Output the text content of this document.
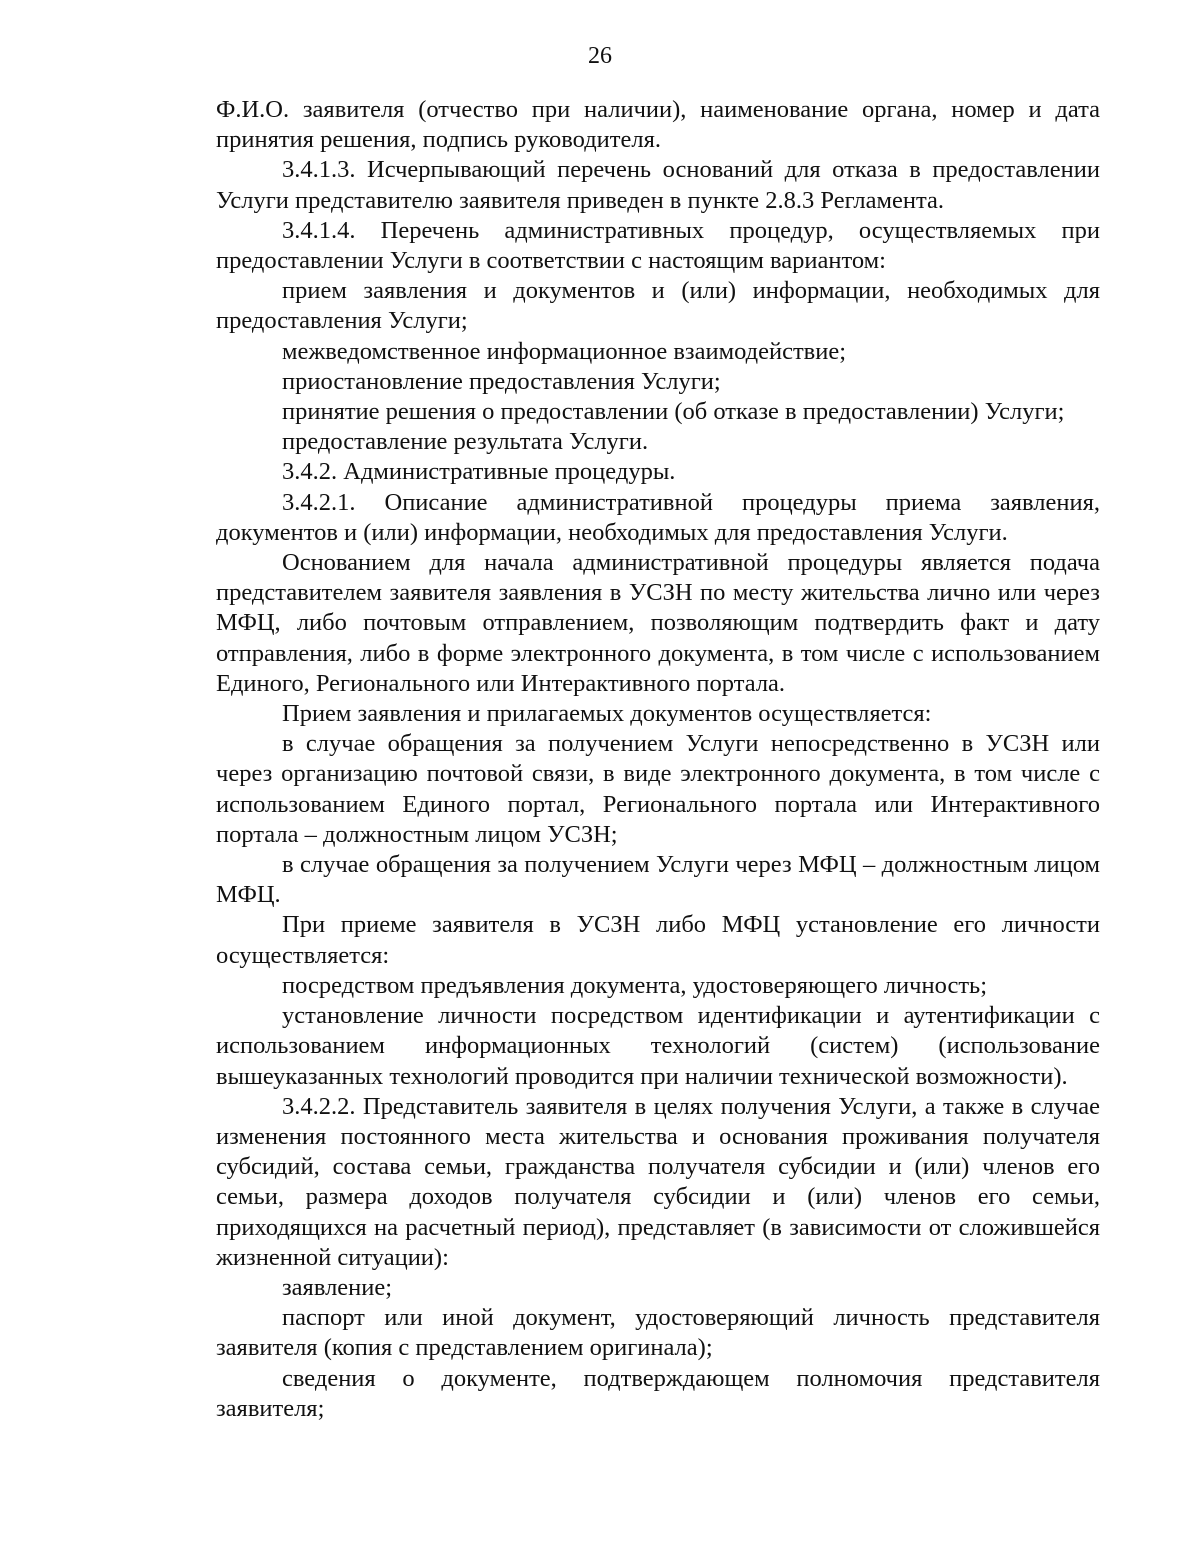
26

Ф.И.О. заявителя (отчество при наличии), наименование органа, номер и дата принятия решения, подпись руководителя.

3.4.1.3. Исчерпывающий перечень оснований для отказа в предоставлении Услуги представителю заявителя приведен в пункте 2.8.3 Регламента.

3.4.1.4. Перечень административных процедур, осуществляемых при предоставлении Услуги в соответствии с настоящим вариантом:

прием заявления и документов и (или) информации, необходимых для предоставления Услуги;

межведомственное информационное взаимодействие;

приостановление предоставления Услуги;

принятие решения о предоставлении (об отказе в предоставлении) Услуги;

предоставление результата Услуги.

3.4.2. Административные процедуры.

3.4.2.1. Описание административной процедуры приема заявления, документов и (или) информации, необходимых для предоставления Услуги.

Основанием для начала административной процедуры является подача представителем заявителя заявления в УСЗН по месту жительства лично или через МФЦ, либо почтовым отправлением, позволяющим подтвердить факт и дату отправления, либо в форме электронного документа, в том числе с использованием Единого, Регионального или Интерактивного портала.

Прием заявления и прилагаемых документов осуществляется:

в случае обращения за получением Услуги непосредственно в УСЗН или через организацию почтовой связи, в виде электронного документа, в том числе с использованием Единого портал, Регионального портала или Интерактивного портала – должностным лицом УСЗН;

в случае обращения за получением Услуги через МФЦ – должностным лицом МФЦ.

При приеме заявителя в УСЗН либо МФЦ установление его личности осуществляется:

посредством предъявления документа, удостоверяющего личность;

установление личности посредством идентификации и аутентификации с использованием информационных технологий (систем) (использование вышеуказанных технологий проводится при наличии технической возможности).

3.4.2.2. Представитель заявителя в целях получения Услуги, а также в случае изменения постоянного места жительства и основания проживания получателя субсидий, состава семьи, гражданства получателя субсидии и (или) членов его семьи, размера доходов получателя субсидии и (или) членов его семьи, приходящихся на расчетный период), представляет (в зависимости от сложившейся жизненной ситуации):

заявление;

паспорт или иной документ, удостоверяющий личность представителя заявителя (копия с представлением оригинала);

сведения о документе, подтверждающем полномочия представителя заявителя;
